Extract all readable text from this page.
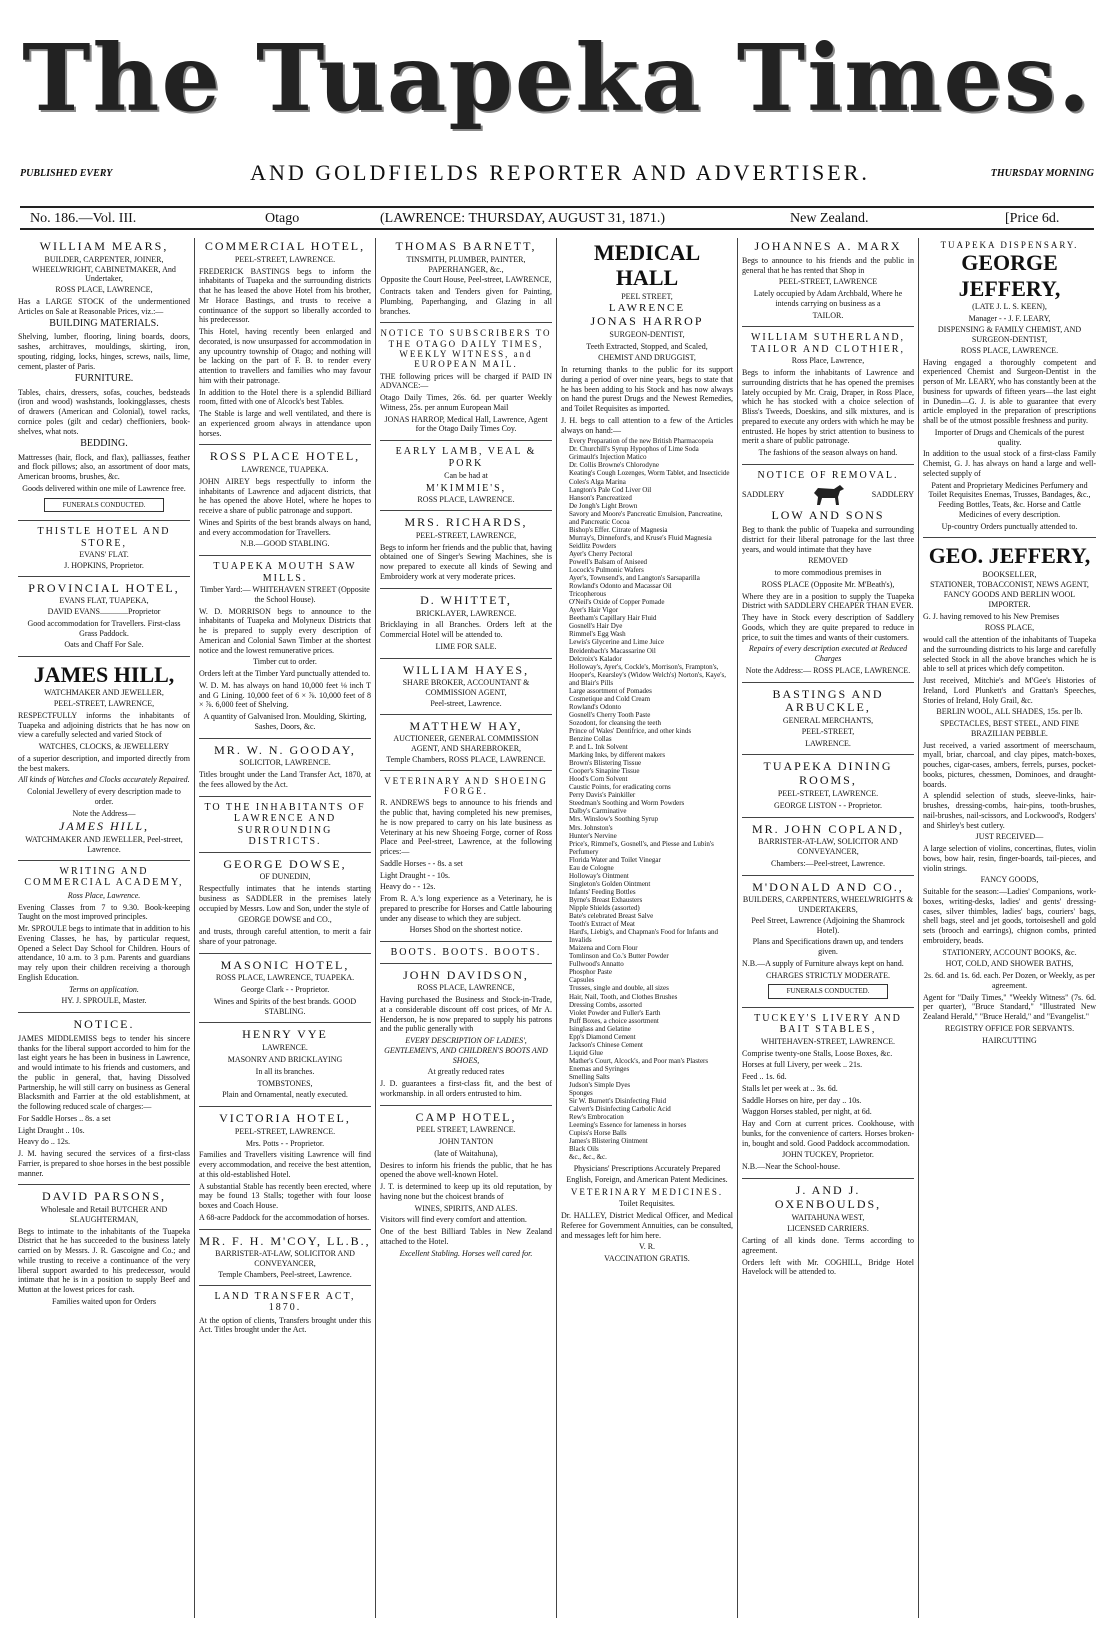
The Tuapeka Times.
PUBLISHED EVERY	AND GOLDFIELDS REPORTER AND ADVERTISER.	THURSDAY MORNING
No. 186.—Vol. III.	Otago	(LAWRENCE: THURSDAY, AUGUST 31, 1871.)	New Zealand.	[Price 6d.
WILLIAM MEARS,
BUILDER, CARPENTER, JOINER, WHEELWRIGHT, CABINETMAKER, And Undertaker,
ROSS PLACE, LAWRENCE,

Has a LARGE STOCK of the undermentioned Articles on Sale at Reasonable Prices, viz.:—

BUILDING MATERIALS.

Shelving, lumber, flooring, lining boards, doors, sashes, architraves, mouldings, skirting, iron, spouting, ridging, locks, hinges, screws, nails, lime, cement, plaster of Paris.

FURNITURE.

Tables, chairs, dressers, sofas, couches, bedsteads (iron and wood) washstands, lookingglasses, chests of drawers (American and Colonial), towel racks, cornice poles (gilt and cedar) cheffioniers, book-shelves, what nots.

BEDDING.

Mattresses (hair, flock, and flax), palliasses, feather and flock pillows; also, an assortment of door mats, American brooms, brushes, &c.

Goods delivered within one mile of Lawrence free.

FUNERALS CONDUCTED.
THISTLE HOTEL AND STORE,
EVANS' FLAT.
J. HOPKINS, Proprietor.
PROVINCIAL HOTEL,
EVANS FLAT, TUAPEKA,
DAVID EVANS..............Proprietor

Good accommodation for Travellers. First-class Grass Paddock.

Oats and Chaff For Sale.

JAMES HILL,
WATCHMAKER AND JEWELLER,
PEEL-STREET, LAWRENCE,

RESPECTFULLY informs the inhabitants of Tuapeka and adjoining districts that he has now on view a carefully selected and varied Stock of

WATCHES, CLOCKS, & JEWELLERY

of a superior description, and imported directly from the best makers.

All kinds of Watches and Clocks accurately Repaired.

Colonial Jewellery of every description made to order.

Note the Address—

JAMES HILL,
WATCHMAKER AND JEWELLER, Peel-street, Lawrence.
WRITING AND COMMERCIAL ACADEMY,

Ross Place, Lawrence.

Evening Classes from 7 to 9.30. Book-keeping Taught on the most improved principles.

Mr. SPROULE begs to intimate that in addition to his Evening Classes, he has, by particular request, Opened a Select Day School for Children. Hours of attendance, 10 a.m. to 3 p.m. Parents and guardians may rely upon their children receiving a thorough English Education.

Terms on application.

HY. J. SPROULE, Master.

NOTICE.

JAMES MIDDLEMISS begs to tender his sincere thanks for the liberal support accorded to him for the last eight years he has been in business in Lawrence, and would intimate to his friends and customers, and the public in general, that, having Dissolved Partnership, he will still carry on business as General Blacksmith and Farrier at the old establishment, at the following reduced scale of charges:—

For Saddle Horses .. 8s. a set

Light Draught .. 10s.

Heavy do .. 12s.

J. M. having secured the services of a first-class Farrier, is prepared to shoe horses in the best possible manner.

DAVID PARSONS,
Wholesale and Retail BUTCHER AND SLAUGHTERMAN,

Begs to intimate to the inhabitants of the Tuapeka District that he has succeeded to the business lately carried on by Messrs. J. R. Gascoigne and Co.; and while trusting to receive a continuance of the very liberal support awarded to his predecessor, would intimate that he is in a position to supply Beef and Mutton at the lowest prices for cash.

Families waited upon for Orders

COMMERCIAL HOTEL,
PEEL-STREET, LAWRENCE.

FREDERICK BASTINGS begs to inform the inhabitants of Tuapeka and the surrounding districts that he has leased the above Hotel from his brother, Mr Horace Bastings, and trusts to receive a continuance of the support so liberally accorded to his predecessor.

This Hotel, having recently been enlarged and decorated, is now unsurpassed for accommodation in any upcountry township of Otago; and nothing will be lacking on the part of F. B. to render every attention to travellers and families who may favour him with their patronage.

In addition to the Hotel there is a splendid Billiard room, fitted with one of Alcock's best Tables.

The Stable is large and well ventilated, and there is an experienced groom always in attendance upon horses.

ROSS PLACE HOTEL,
LAWRENCE, TUAPEKA.

JOHN AIREY begs respectfully to inform the inhabitants of Lawrence and adjacent districts, that he has opened the above Hotel, where he hopes to receive a share of public patronage and support.

Wines and Spirits of the best brands always on hand, and every accommodation for Travellers.

N.B.—GOOD STABLING.

TUAPEKA MOUTH SAW MILLS.
Timber Yard:— WHITEHAVEN STREET (Opposite the School House).

W. D. MORRISON begs to announce to the inhabitants of Tuapeka and Molyneux Districts that he is prepared to supply every description of American and Colonial Sawn Timber at the shortest notice and the lowest remunerative prices.

Timber cut to order.

Orders left at the Timber Yard punctually attended to.

W. D. M. has always on hand 10,000 feet ⅛ inch T and G Lining. 10,000 feet of 6 × ⅞. 10,000 feet of 8 × ⅞. 6,000 feet of Shelving.

A quantity of Galvanised Iron. Moulding, Skirting, Sashes, Doors, &c.

MR. W. N. GOODAY,
SOLICITOR, LAWRENCE.

Titles brought under the Land Transfer Act, 1870, at the fees allowed by the Act.

TO THE INHABITANTS OF LAWRENCE AND SURROUNDING DISTRICTS.
GEORGE DOWSE,
OF DUNEDIN,

Respectfully intimates that he intends starting business as SADDLER in the premises lately occupied by Messrs. Low and Son, under the style of

GEORGE DOWSE and CO.,

and trusts, through careful attention, to merit a fair share of your patronage.

MASONIC HOTEL,
ROSS PLACE, LAWRENCE, TUAPEKA.

George Clark - - Proprietor.

Wines and Spirits of the best brands. GOOD STABLING.

HENRY VYE
LAWRENCE.

MASONRY AND BRICKLAYING

In all its branches.

TOMBSTONES,

Plain and Ornamental, neatly executed.

VICTORIA HOTEL,
PEEL-STREET, LAWRENCE.

Mrs. Potts - - Proprietor.

Families and Travellers visiting Lawrence will find every accommodation, and receive the best attention, at this old-established Hotel.

A substantial Stable has recently been erected, where may be found 13 Stalls; together with four loose boxes and Coach House.

A 68-acre Paddock for the accommodation of horses.

MR. F. H. M'COY, LL.B.,
BARRISTER-AT-LAW, SOLICITOR AND CONVEYANCER,
Temple Chambers, Peel-street, Lawrence.
LAND TRANSFER ACT, 1870.

At the option of clients, Transfers brought under this Act. Titles brought under the Act.

THOMAS BARNETT,
TINSMITH, PLUMBER, PAINTER, PAPERHANGER, &c.,
Opposite the Court House, Peel-street, LAWRENCE,

Contracts taken and Tenders given for Painting, Plumbing, Paperhanging, and Glazing in all branches.

NOTICE TO SUBSCRIBERS TO THE OTAGO DAILY TIMES, WEEKLY WITNESS, and EUROPEAN MAIL.

THE following prices will be charged if PAID IN ADVANCE:—

Otago Daily Times, 26s. 6d. per quarter Weekly Witness, 25s. per annum European Mail

JONAS HARROP, Medical Hall, Lawrence, Agent for the Otago Daily Times Coy.

EARLY LAMB, VEAL & PORK

Can be had at

M'KIMMIE'S,
ROSS PLACE, LAWRENCE.
MRS. RICHARDS,
PEEL-STREET, LAWRENCE,

Begs to inform her friends and the public that, having obtained one of Singer's Sewing Machines, she is now prepared to execute all kinds of Sewing and Embroidery work at very moderate prices.

D. WHITTET,
BRICKLAYER, LAWRENCE.

Bricklaying in all Branches. Orders left at the Commercial Hotel will be attended to.

LIME FOR SALE.

WILLIAM HAYES,
SHARE BROKER, ACCOUNTANT & COMMISSION AGENT,
Peel-street, Lawrence.
MATTHEW HAY,
AUCTIONEER, GENERAL COMMISSION AGENT, AND SHAREBROKER,
Temple Chambers, ROSS PLACE, LAWRENCE.
VETERINARY AND SHOEING FORGE.

R. ANDREWS begs to announce to his friends and the public that, having completed his new premises, he is now prepared to carry on his late business as Veterinary at his new Shoeing Forge, corner of Ross Place and Peel-street, Lawrence, at the following prices:—

Saddle Horses - - 8s. a set

Light Draught - - 10s.

Heavy do - - 12s.

From R. A.'s long experience as a Veterinary, he is prepared to prescribe for Horses and Cattle labouring under any disease to which they are subject.

Horses Shod on the shortest notice.

BOOTS. BOOTS. BOOTS.
JOHN DAVIDSON,
ROSS PLACE, LAWRENCE,

Having purchased the Business and Stock-in-Trade, at a considerable discount off cost prices, of Mr A. Henderson, he is now prepared to supply his patrons and the public generally with

EVERY DESCRIPTION OF LADIES', GENTLEMEN'S, AND CHILDREN'S BOOTS AND SHOES,

At greatly reduced rates

J. D. guarantees a first-class fit, and the best of workmanship. in all orders entrusted to him.

CAMP HOTEL,
PEEL STREET, LAWRENCE.

JOHN TANTON

(late of Waitahuna),

Desires to inform his friends the public, that he has opened the above well-known Hotel.

J. T. is determined to keep up its old reputation, by having none but the choicest brands of

WINES, SPIRITS, AND ALES.

Visitors will find every comfort and attention.

One of the best Billiard Tables in New Zealand attached to the Hotel.

Excellent Stabling. Horses well cared for.

MEDICAL HALL
PEEL STREET,
LAWRENCE
JONAS HARROP
SURGEON-DENTIST,

Teeth Extracted, Stopped, and Scaled,

CHEMIST AND DRUGGIST,

In returning thanks to the public for its support during a period of over nine years, begs to state that he has been adding to his Stock and has now always on hand the purest Drugs and the Newest Remedies, and Toilet Requisites as imported.

J. H. begs to call attention to a few of the Articles always on hand:—

Every Preparation of the new British Pharmacopeia
Dr. Churchill's Syrup Hypophos of Lime Soda
Grimault's Injection Matico
Dr. Collis Browne's Chlorodyne
Keating's Cough Lozenges, Worm Tablet, and Insecticide
Coles's Alga Marina
Langton's Pale Cod Liver Oil
Hanson's Pancreatized
De Jongh's Light Brown
Savory and Moore's Pancreatic Emulsion, Pancreatine, and Pancreatic Cocoa
Bishop's Effer. Citrate of Magnesia
Murray's, Dinneford's, and Kruse's Fluid Magnesia
Seidlitz Powders
Ayer's Cherry Pectoral
Powell's Balsam of Aniseed
Locock's Pulmonic Wafers
Ayer's, Townsend's, and Langton's Sarsaparilla
Rowland's Odonto and Macassar Oil
Tricopherous
O'Neil's Oxide of Copper Pomade
Ayer's Hair Vigor
Beetham's Capillary Hair Fluid
Gosnell's Hair Dye
Rimmel's Egg Wash
Lewis's Glycerine and Lime Juice
Breidenbach's Macassarine Oil
Delcroix's Kalador
Holloway's, Ayer's, Cockle's, Morrison's, Frampton's, Hooper's, Kearsley's (Widow Welch's) Norton's, Kaye's, and Blair's Pills
Large assortment of Pomades
Cosmetique and Cold Cream
Rowland's Odonto
Gosnell's Cherry Tooth Paste
Sozodont, for cleansing the teeth
Prince of Wales' Dentifrice, and other kinds
Benzine Collas
P. and L. Ink Solvent
Marking Inks, by different makers
Brown's Blistering Tissue
Cooper's Sinapine Tissue
Hood's Corn Solvent
Caustic Points, for eradicating corns
Perry Davis's Painkiller
Steedman's Soothing and Worm Powders
Dalby's Carminative
Mrs. Winslow's Soothing Syrup
Mrs. Johnston's
Hunter's Nervine
Price's, Rimmel's, Gosnell's, and Piesse and Lubin's Perfumery
Florida Water and Toilet Vinegar
Eau de Cologne
Holloway's Ointment
Singleton's Golden Ointment
Infants' Feeding Bottles
Byrne's Breast Exhausters
Nipple Shields (assorted)
Bate's celebrated Breast Salve
Tooth's Extract of Meat
Hard's, Liebig's, and Chapman's Food for Infants and Invalids
Maizena and Corn Flour
Tomlinson and Co.'s Butter Powder
Fullwood's Annatto
Phosphor Paste
Capsules
Trusses, single and double, all sizes
Hair, Nail, Tooth, and Clothes Brushes
Dressing Combs, assorted
Violet Powder and Fuller's Earth
Puff Boxes, a choice assortment
Isinglass and Gelatine
Epp's Diamond Cement
Jackson's Chinese Cement
Liquid Glue
Mather's Court, Alcock's, and Poor man's Plasters
Enemas and Syringes
Smelling Salts
Judson's Simple Dyes
Sponges
Sir W. Burnett's Disinfecting Fluid
Calvert's Disinfecting Carbolic Acid
Rew's Embrocation
Leeming's Essence for lameness in horses
Cupiss's Horse Balls
James's Blistering Ointment
Black Oils
&c., &c., &c.

Physicians' Prescriptions Accurately Prepared

English, Foreign, and American Patent Medicines.

VETERINARY MEDICINES.

Toilet Requisites.

Dr. HALLEY, District Medical Officer, and Medical Referee for Government Annuities, can be consulted, and messages left for him here.

V. R.

VACCINATION GRATIS.

JOHANNES A. MARX

Begs to announce to his friends and the public in general that he has rented that Shop in

PEEL-STREET, LAWRENCE

Lately occupied by Adam Archbald, Where he intends carrying on business as a

TAILOR.

WILLIAM SUTHERLAND, TAILOR AND CLOTHIER,
Ross Place, Lawrence,

Begs to inform the inhabitants of Lawrence and surrounding districts that he has opened the premises lately occupied by Mr. Craig, Draper, in Ross Place, which he has stocked with a choice selection of Bliss's Tweeds, Doeskins, and silk mixtures, and is prepared to execute any orders with which he may be entrusted. He hopes by strict attention to business to merit a share of public patronage.

The fashions of the season always on hand.

NOTICE OF REMOVAL.
SADDLERY	SADDLERY
LOW AND SONS

Beg to thank the public of Tuapeka and surrounding district for their liberal patronage for the last three years, and would intimate that they have

REMOVED

to more commodious premises in

ROSS PLACE (Opposite Mr. M'Beath's),

Where they are in a position to supply the Tuapeka District with SADDLERY CHEAPER THAN EVER.

They have in Stock every description of Saddlery Goods, which they are quite prepared to reduce in price, to suit the times and wants of their customers.

Repairs of every description executed at Reduced Charges

Note the Address:— ROSS PLACE, LAWRENCE.

BASTINGS AND ARBUCKLE,
GENERAL MERCHANTS,
PEEL-STREET,

LAWRENCE.

TUAPEKA DINING ROOMS,
PEEL-STREET, LAWRENCE.

GEORGE LISTON - - Proprietor.

MR. JOHN COPLAND,
BARRISTER-AT-LAW, SOLICITOR AND CONVEYANCER,

Chambers:—Peel-street, Lawrence.

M'DONALD AND CO.,
BUILDERS, CARPENTERS, WHEELWRIGHTS & UNDERTAKERS,
Peel Street, Lawrence (Adjoining the Shamrock Hotel).

Plans and Specifications drawn up, and tenders given.

N.B.—A supply of Furniture always kept on hand.

CHARGES STRICTLY MODERATE.

FUNERALS CONDUCTED.
TUCKEY'S LIVERY AND BAIT STABLES,
WHITEHAVEN-STREET, LAWRENCE.

Comprise twenty-one Stalls, Loose Boxes, &c.

Horses at full Livery, per week .. 21s.

Feed .. 1s. 6d.

Stalls let per week at .. 3s. 6d.

Saddle Horses on hire, per day .. 10s.

Waggon Horses stabled, per night, at 6d.

Hay and Corn at current prices. Cookhouse, with bunks, for the convenience of carters. Horses broken-in, bought and sold. Good Paddock accommodation.

JOHN TUCKEY, Proprietor.

N.B.—Near the School-house.

J. AND J. OXENBOULDS,
WAITAHUNA WEST,

LICENSED CARRIERS.

Carting of all kinds done. Terms according to agreement.

Orders left with Mr. COGHILL, Bridge Hotel Havelock will be attended to.

TUAPEKA DISPENSARY.
GEORGE JEFFERY,
(LATE J. L. S. KEEN),

Manager - - J. F. LEARY,

DISPENSING & FAMILY CHEMIST, AND SURGEON-DENTIST,
ROSS PLACE, LAWRENCE.

Having engaged a thoroughly competent and experienced Chemist and Surgeon-Dentist in the person of Mr. LEARY, who has constantly been at the business for upwards of fifteen years—the last eight in Dunedin—G. J. is able to guarantee that every article employed in the preparation of prescriptions shall be of the utmost possible freshness and purity.

Importer of Drugs and Chemicals of the purest quality.

In addition to the usual stock of a first-class Family Chemist, G. J. has always on hand a large and well-selected supply of

Patent and Proprietary Medicines Perfumery and Toilet Requisites Enemas, Trusses, Bandages, &c., Feeding Bottles, Teats, &c. Horse and Cattle Medicines of every description.

Up-country Orders punctually attended to.

GEO. JEFFERY,
BOOKSELLER,
STATIONER, TOBACCONIST, NEWS AGENT, FANCY GOODS AND BERLIN WOOL IMPORTER.

G. J. having removed to his New Premises

ROSS PLACE,

would call the attention of the inhabitants of Tuapeka and the surrounding districts to his large and carefully selected Stock in all the above branches which he is able to sell at prices which defy competiton.

Just received, Mitchie's and M'Gee's Histories of Ireland, Lord Plunkett's and Grattan's Speeches, Stories of Ireland, Holy Grail, &c.

BERLIN WOOL, ALL SHADES, 15s. per lb.

SPECTACLES, BEST STEEL, AND FINE BRAZILIAN PEBBLE.

Just received, a varied assortment of meerschaum, myall, briar, charcoal, and clay pipes, match-boxes, pouches, cigar-cases, ambers, ferrels, purses, pocket-books, pictures, chessmen, Dominoes, and draught-boards.

A splendid selection of studs, sleeve-links, hair-brushes, dressing-combs, hair-pins, tooth-brushes, nail-brushes, nail-scissors, and Lockwood's, Rodgers' and Shirley's best cutlery.

JUST RECEIVED—

A large selection of violins, concertinas, flutes, violin bows, bow hair, resin, finger-boards, tail-pieces, and violin strings.

FANCY GOODS,

Suitable for the season:—Ladies' Companions, work-boxes, writing-desks, ladies' and gents' dressing-cases, silver thimbles, ladies' bags, couriers' bags, shell bags, steel and jet goods, tortoiseshell and gold sets (brooch and earrings), chignon combs, printed embroidery, beads.

STATIONERY, ACCOUNT BOOKS, &c.

HOT, COLD, AND SHOWER BATHS,

2s. 6d. and 1s. 6d. each. Per Dozen, or Weekly, as per agreement.

Agent for "Daily Times," "Weekly Witness" (7s. 6d. per quarter), "Bruce Standard," "Illustrated New Zealand Herald," "Bruce Herald," and "Evangelist."

REGISTRY OFFICE FOR SERVANTS.

HAIRCUTTING
